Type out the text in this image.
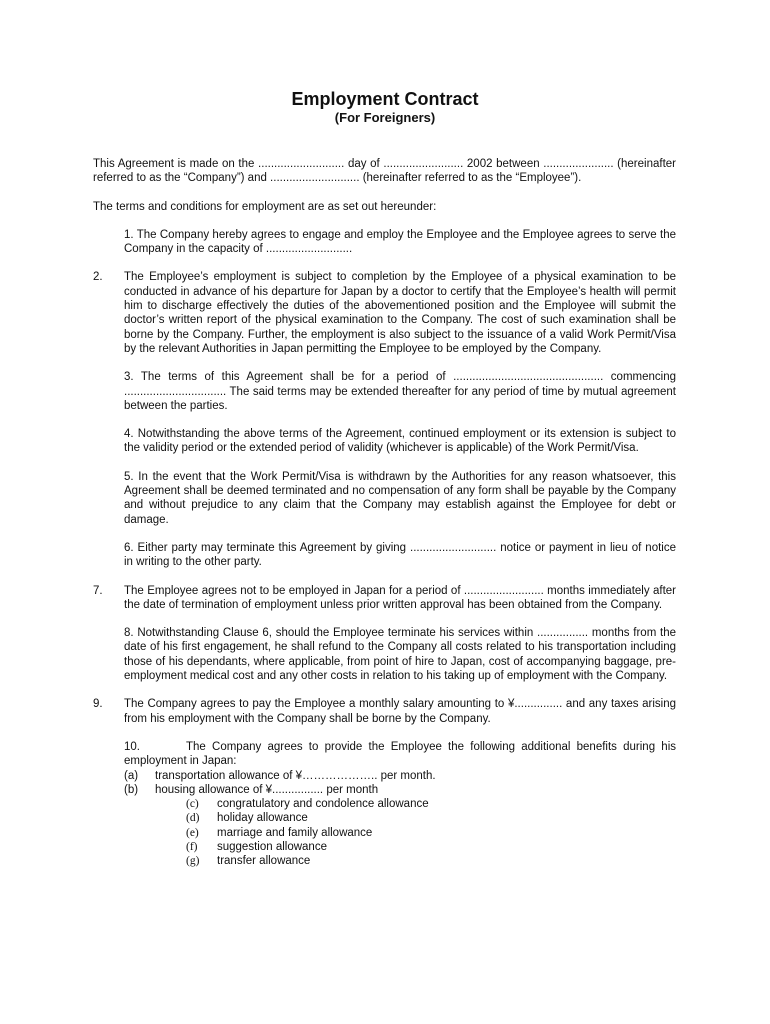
Employment Contract
(For Foreigners)

This Agreement is made on the ........................... day of ......................... 2002 between ...................... (hereinafter referred to as the “Company”) and ............................ (hereinafter referred to as the “Employee”).

The terms and conditions for employment are as set out hereunder:

1. The Company hereby agrees to engage and employ the Employee and the Employee agrees to serve the Company in the capacity of ...........................

2. The Employee’s employment is subject to completion by the Employee of a physical examination to be conducted in advance of his departure for Japan by a doctor to certify that the Employee’s health will permit him to discharge effectively the duties of the abovementioned position and the Employee will submit the doctor’s written report of the physical examination to the Company. The cost of such examination shall be borne by the Company. Further, the employment is also subject to the issuance of a valid Work Permit/Visa by the relevant Authorities in Japan permitting the Employee to be employed by the Company.

3. The terms of this Agreement shall be for a period of ............................................... commencing ................................ The said terms may be extended thereafter for any period of time by mutual agreement between the parties.

4. Notwithstanding the above terms of the Agreement, continued employment or its extension is subject to the validity period or the extended period of validity (whichever is applicable) of the Work Permit/Visa.

5. In the event that the Work Permit/Visa is withdrawn by the Authorities for any reason whatsoever, this Agreement shall be deemed terminated and no compensation of any form shall be payable by the Company and without prejudice to any claim that the Company may establish against the Employee for debt or damage.

6. Either party may terminate this Agreement by giving ........................... notice or payment in lieu of notice in writing to the other party.

7. The Employee agrees not to be employed in Japan for a period of ......................... months immediately after the date of termination of employment unless prior written approval has been obtained from the Company.

8. Notwithstanding Clause 6, should the Employee terminate his services within ................ months from the date of his first engagement, he shall refund to the Company all costs related to his transportation including those of his dependants, where applicable, from point of hire to Japan, cost of accompanying baggage, pre-employment medical cost and any other costs in relation to his taking up of employment with the Company.

9. The Company agrees to pay the Employee a monthly salary amounting to ¥............... and any taxes arising from his employment with the Company shall be borne by the Company.
10.	The Company agrees to provide the Employee the following additional benefits during his employment in Japan:
(a) transportation allowance of ¥……………….. per month.
(b) housing allowance of ¥................ per month
(c) congratulatory and condolence allowance
(d) holiday allowance
(e) marriage and family allowance
(f) suggestion allowance
(g) transfer allowance
